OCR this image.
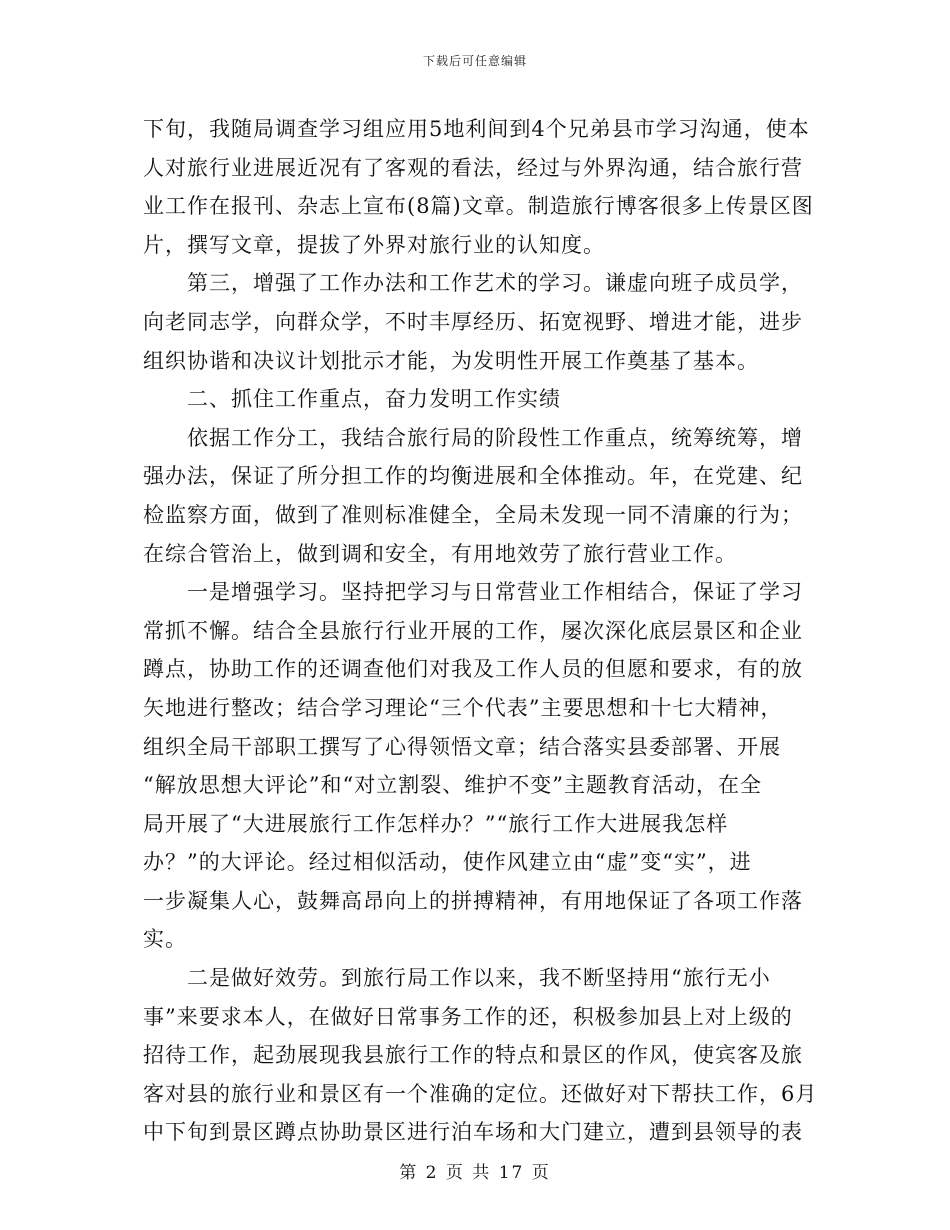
下载后可任意编辑
下旬，我随局调查学习组应用5地利间到4个兄弟县市学习沟通，使本
人对旅行业进展近况有了客观的看法，经过与外界沟通，结合旅行营
业工作在报刊、杂志上宣布(8篇)文章。制造旅行博客很多上传景区图
片，撰写文章，提拔了外界对旅行业的认知度。
　　第三，增强了工作办法和工作艺术的学习。谦虚向班子成员学，
向老同志学，向群众学，不时丰厚经历、拓宽视野、增进才能，进步
组织协谐和决议计划批示才能，为发明性开展工作奠基了基本。
　　二、抓住工作重点，奋力发明工作实绩
　　依据工作分工，我结合旅行局的阶段性工作重点，统筹统筹，增
强办法，保证了所分担工作的均衡进展和全体推动。年，在党建、纪
检监察方面，做到了准则标准健全，全局未发现一同不清廉的行为；
在综合管治上，做到调和安全，有用地效劳了旅行营业工作。
　　一是增强学习。坚持把学习与日常营业工作相结合，保证了学习
常抓不懈。结合全县旅行行业开展的工作，屡次深化底层景区和企业
蹲点，协助工作的还调查他们对我及工作人员的但愿和要求，有的放
矢地进行整改；结合学习理论“三个代表”主要思想和十七大精神，
组织全局干部职工撰写了心得领悟文章；结合落实县委部署、开展
“解放思想大评论”和“对立割裂、维护不变”主题教育活动，在全
局开展了“大进展旅行工作怎样办？”“旅行工作大进展我怎样
办？”的大评论。经过相似活动，使作风建立由“虚”变“实”，进
一步凝集人心，鼓舞高昂向上的拼搏精神，有用地保证了各项工作落
实。
　　二是做好效劳。到旅行局工作以来，我不断坚持用“旅行无小
事”来要求本人，在做好日常事务工作的还，积极参加县上对上级的
招待工作，起劲展现我县旅行工作的特点和景区的作风，使宾客及旅
客对县的旅行业和景区有一个准确的定位。还做好对下帮扶工作，6月
中下旬到景区蹲点协助景区进行泊车场和大门建立，遭到县领导的表
第 2 页 共 17 页
